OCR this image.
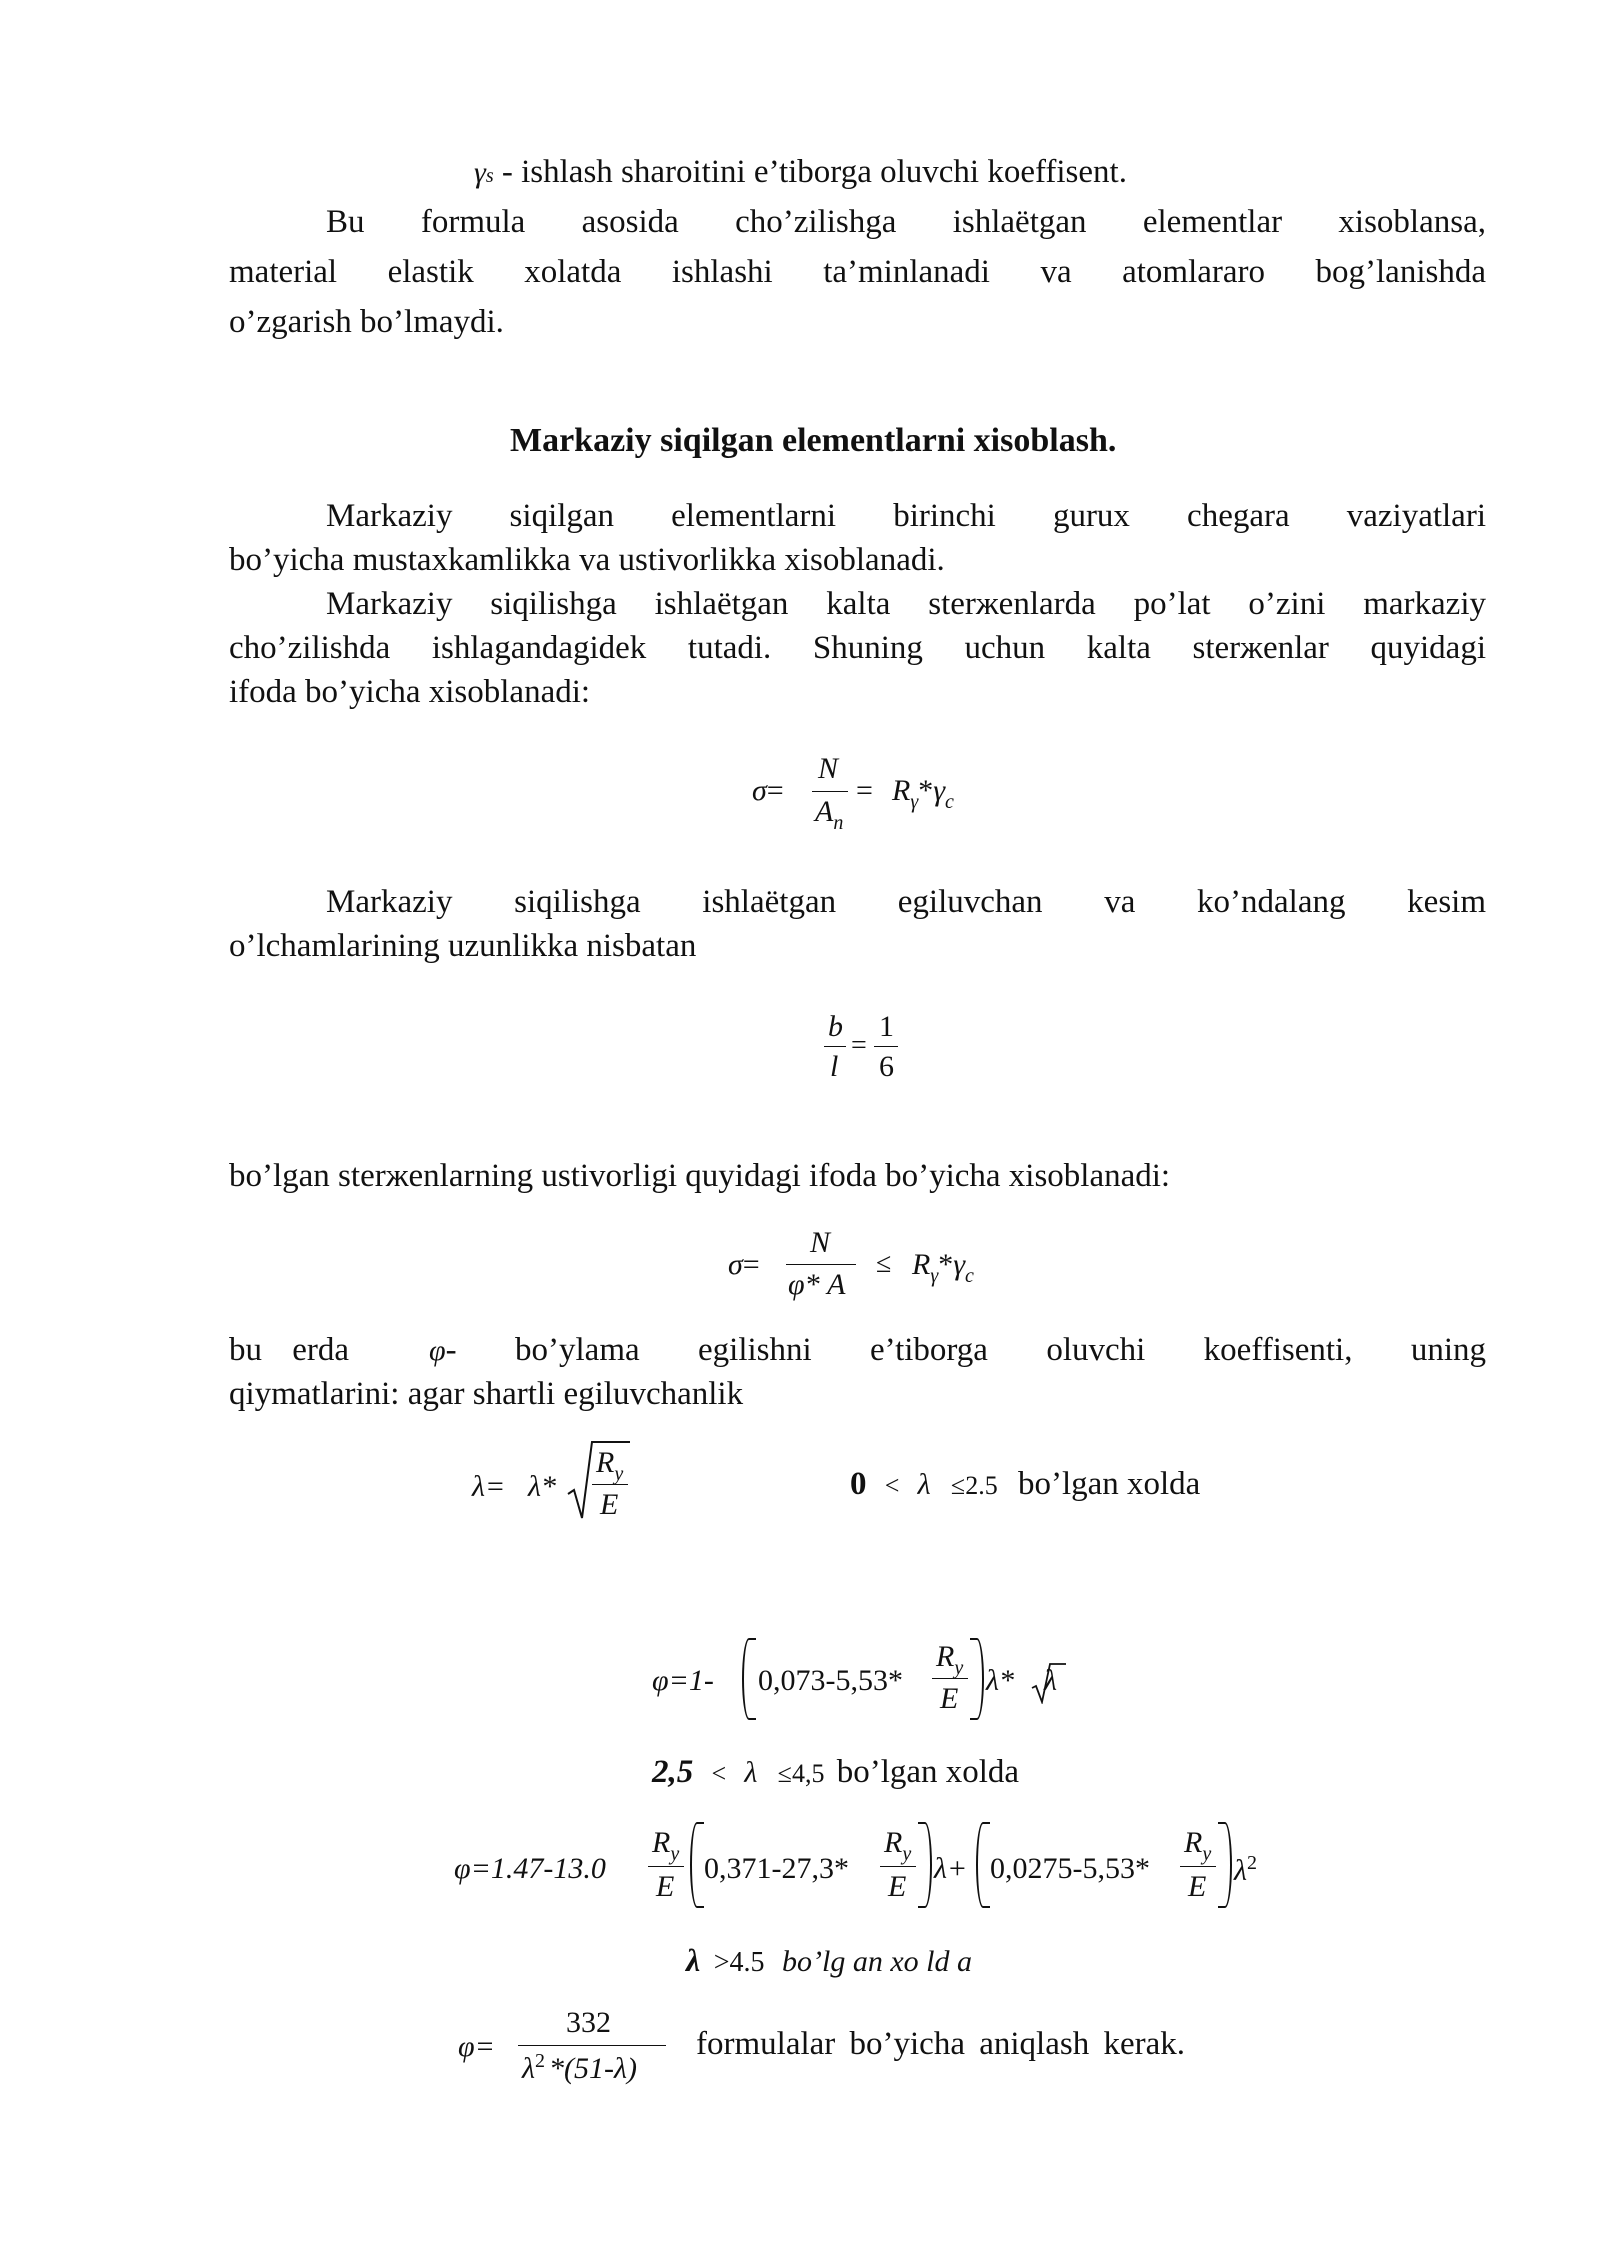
γs - ishlash sharoitini e’tiborga oluvchi koeffisent.
Bu formula asosida cho’zilishga ishlaëtgan elementlar xisoblansa,
material elastik xolatda ishlashi ta’minlanadi va atomlararo bog’lanishda
o’zgarish bo’lmaydi.
Markaziy siqilgan elementlarni xisoblash.
Markaziy siqilgan elementlarni birinchi gurux chegara vaziyatlari
bo’yicha mustaxkamlikka va ustivorlikka xisoblanadi.
Markaziy siqilishga ishlaëtgan kalta sterжenlarda po’lat o’zini markaziy
cho’zilishda ishlagandagidek tutadi. Shuning uchun kalta sterжenlar quyidagi
ifoda bo’yicha xisoblanadi:
σ=
N
$A_n$
= $R_\gamma*\gamma_c$
Markaziy siqilishga ishlaëtgan egiluvchan va ko’ndalang kesim
o’lchamlarining uzunlikka nisbatan
b
l
=
1
6
bo’lgan sterжenlarning ustivorligi quyidagi ifoda bo’yicha xisoblanadi:
σ=
N
φ* A
≤ $R_\gamma*\gamma_c$
bu erda	φ- bo’ylama egilishni e’tiborga oluvchi koeffisenti, uning
qiymatlarini: agar shartli egiluvchanlik
λ= λ*
$R_y$
E
0 < λ ≤2.5 bo’lgan xolda
φ=1- 0,073-5,53*
$R_y$
E
λ* λ
2,5 < λ ≤4,5 bo’lgan xolda
φ=1.47-13.0
$R_y$
E
0,371-27,3*
$R_y$
E
λ+ 0,0275-5,53*
$R_y$
E $\lambda^2$
λ >4.5 bo’lg an xo ld a
φ=
332
$\lambda^2$ *(51-λ)
formulalar bo’yicha aniqlash kerak.
